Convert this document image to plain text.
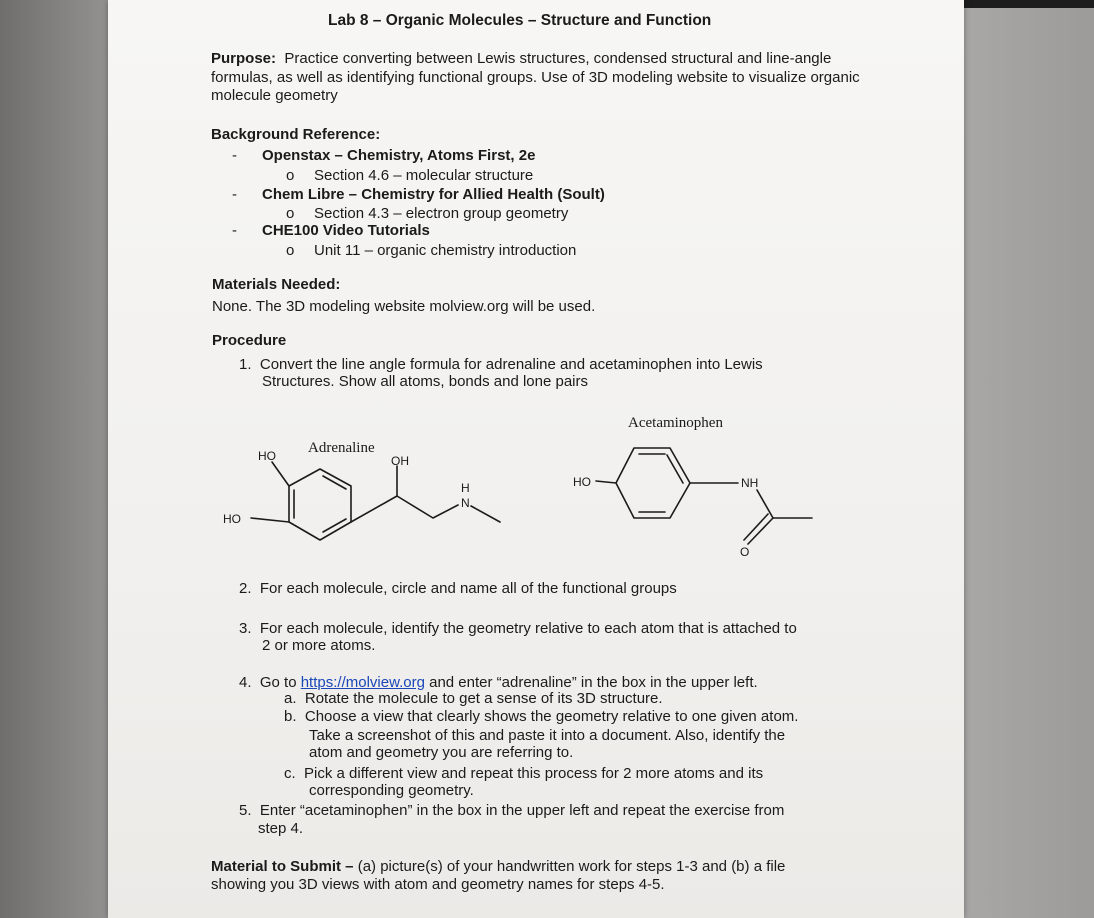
Lab 8 – Organic Molecules – Structure and Function
Purpose: Practice converting between Lewis structures, condensed structural and line-angle formulas, as well as identifying functional groups. Use of 3D modeling website to visualize organic molecule geometry
Background Reference:
- Openstax – Chemistry, Atoms First, 2e
o Section 4.6 – molecular structure
- Chem Libre – Chemistry for Allied Health (Soult)
o Section 4.3 – electron group geometry
- CHE100 Video Tutorials
o Unit 11 – organic chemistry introduction
Materials Needed:
None. The 3D modeling website molview.org will be used.
Procedure
1. Convert the line angle formula for adrenaline and acetaminophen into Lewis
Structures. Show all atoms, bonds and lone pairs
Adrenaline
HO	OH
HO
H
N
Acetaminophen
HO	NH
O
2. For each molecule, circle and name all of the functional groups
3. For each molecule, identify the geometry relative to each atom that is attached to
2 or more atoms.
4. Go to https://molview.org and enter “adrenaline” in the box in the upper left.
a. Rotate the molecule to get a sense of its 3D structure.
b. Choose a view that clearly shows the geometry relative to one given atom.
Take a screenshot of this and paste it into a document. Also, identify the
atom and geometry you are referring to.
c. Pick a different view and repeat this process for 2 more atoms and its
corresponding geometry.
5. Enter “acetaminophen” in the box in the upper left and repeat the exercise from
step 4.
Material to Submit – (a) picture(s) of your handwritten work for steps 1-3 and (b) a file
showing you 3D views with atom and geometry names for steps 4-5.
